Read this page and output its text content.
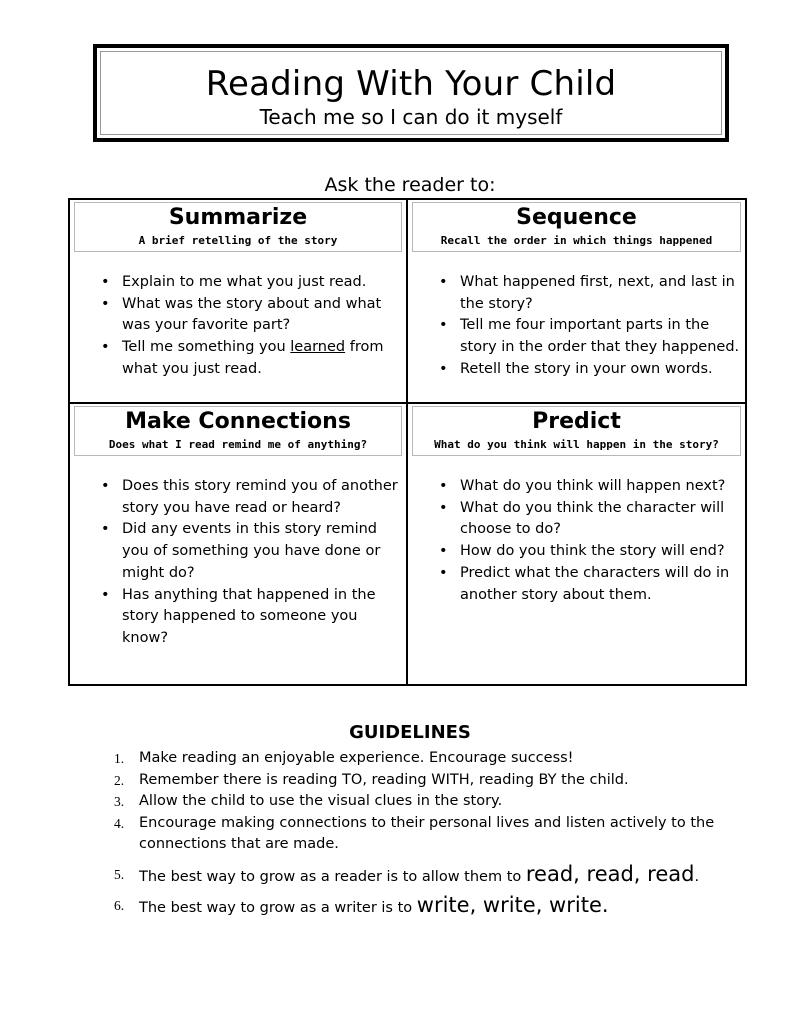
Reading With Your Child
Teach me so I can do it myself
Ask the reader to:
Summarize
A brief retelling of the story
• Explain to me what you just read.
• What was the story about and what was your favorite part?
• Tell me something you learned from what you just read.
Sequence
Recall the order in which things happened
• What happened first, next, and last in the story?
• Tell me four important parts in the story in the order that they happened.
• Retell the story in your own words.
Make Connections
Does what I read remind me of anything?
• Does this story remind you of another story you have read or heard?
• Did any events in this story remind you of something you have done or might do?
• Has anything that happened in the story happened to someone you know?
Predict
What do you think will happen in the story?
• What do you think will happen next?
• What do you think the character will choose to do?
• How do you think the story will end?
• Predict what the characters will do in another story about them.
GUIDELINES
1. Make reading an enjoyable experience. Encourage success!
2. Remember there is reading TO, reading WITH, reading BY the child.
3. Allow the child to use the visual clues in the story.
4. Encourage making connections to their personal lives and listen actively to the connections that are made.
5. The best way to grow as a reader is to allow them to read, read, read.
6. The best way to grow as a writer is to write, write, write.
